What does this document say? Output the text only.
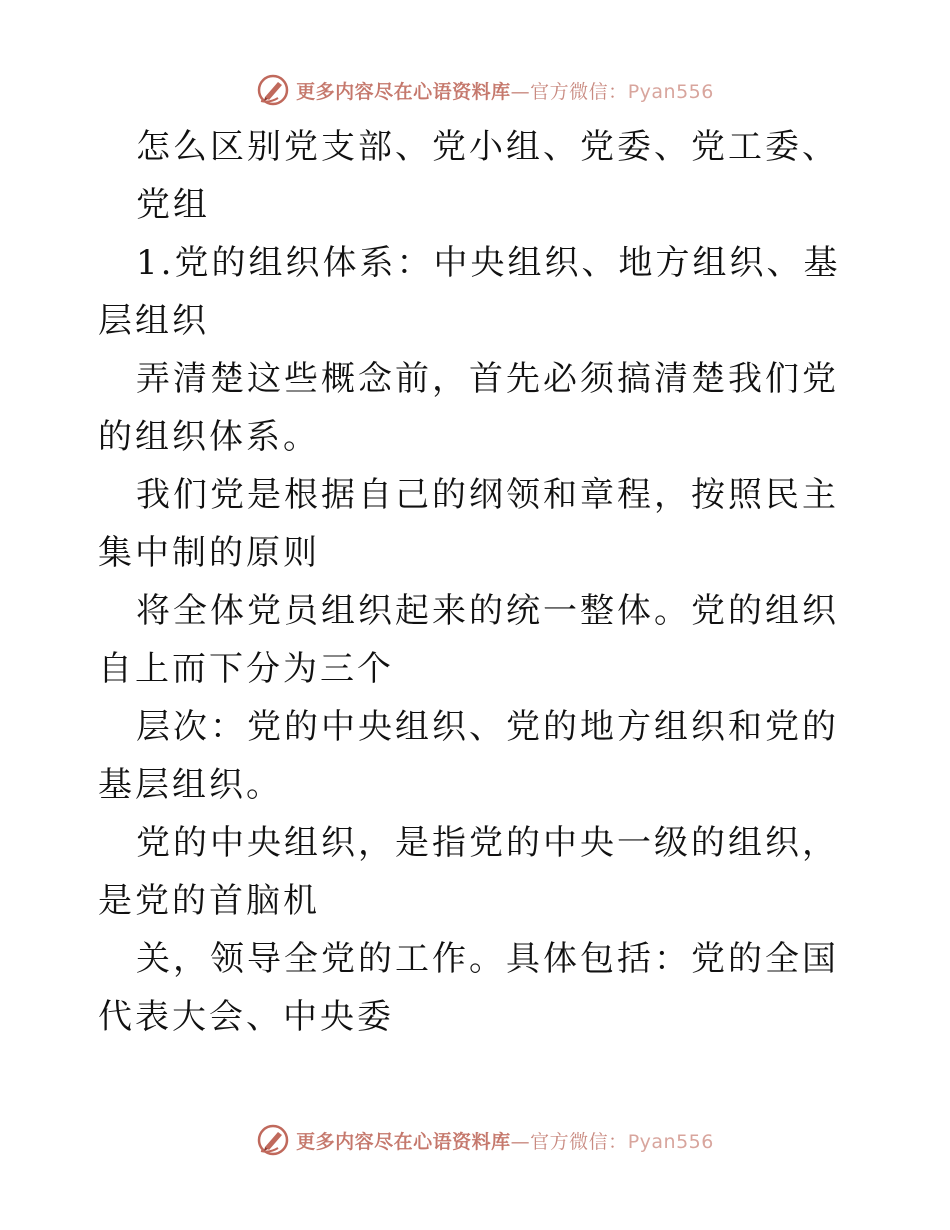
更多内容尽在心语资料库—官方微信：Pyan556

怎么区别党支部、党小组、党委、党工委、党组

1.党的组织体系：中央组织、地方组织、基层组织

弄清楚这些概念前，首先必须搞清楚我们党的组织体系。

我们党是根据自己的纲领和章程，按照民主集中制的原则

将全体党员组织起来的统一整体。党的组织自上而下分为三个

层次：党的中央组织、党的地方组织和党的基层组织。

党的中央组织，是指党的中央一级的组织，是党的首脑机

关，领导全党的工作。具体包括：党的全国代表大会、中央委

更多内容尽在心语资料库—官方微信：Pyan556
